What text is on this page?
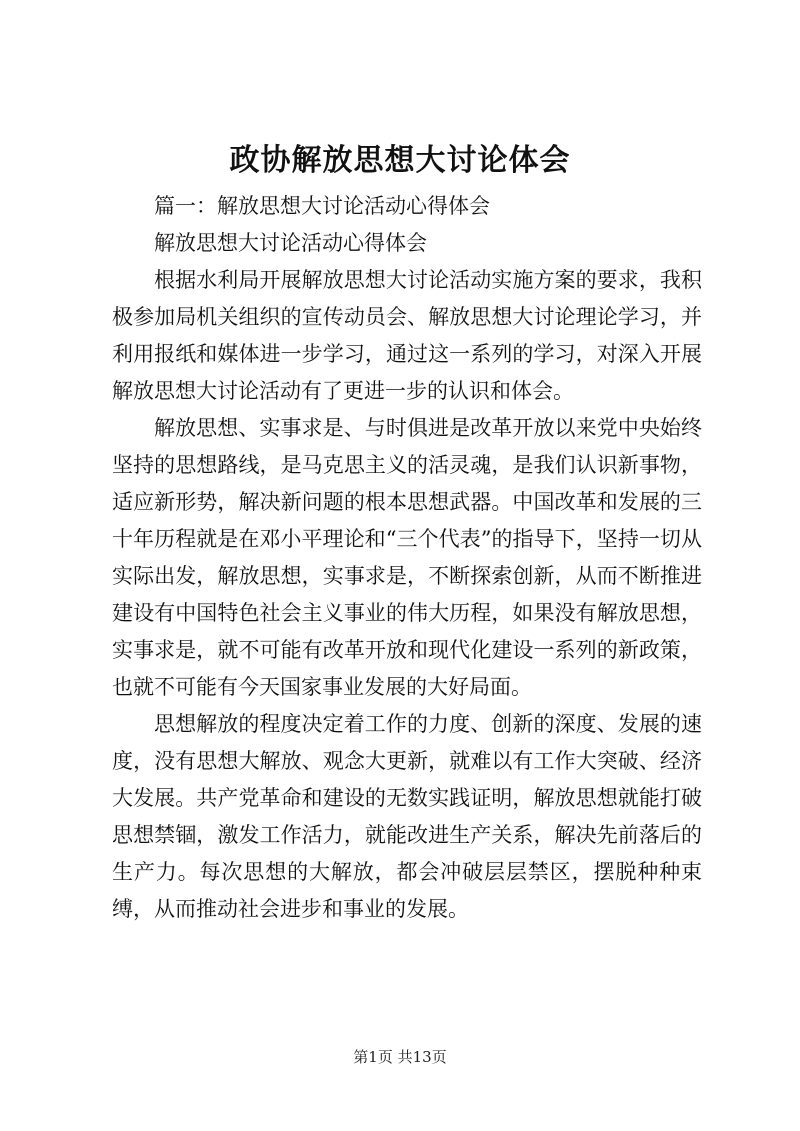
政协解放思想大讨论体会

篇一：解放思想大讨论活动心得体会

解放思想大讨论活动心得体会

根据水利局开展解放思想大讨论活动实施方案的要求，我积极参加局机关组织的宣传动员会、解放思想大讨论理论学习，并利用报纸和媒体进一步学习，通过这一系列的学习，对深入开展解放思想大讨论活动有了更进一步的认识和体会。

解放思想、实事求是、与时俱进是改革开放以来党中央始终坚持的思想路线，是马克思主义的活灵魂，是我们认识新事物，适应新形势，解决新问题的根本思想武器。中国改革和发展的三十年历程就是在邓小平理论和“三个代表”的指导下，坚持一切从实际出发，解放思想，实事求是，不断探索创新，从而不断推进建设有中国特色社会主义事业的伟大历程，如果没有解放思想，实事求是，就不可能有改革开放和现代化建设一系列的新政策，也就不可能有今天国家事业发展的大好局面。

思想解放的程度决定着工作的力度、创新的深度、发展的速度，没有思想大解放、观念大更新，就难以有工作大突破、经济大发展。共产党革命和建设的无数实践证明，解放思想就能打破思想禁锢，激发工作活力，就能改进生产关系，解决先前落后的生产力。每次思想的大解放，都会冲破层层禁区，摆脱种种束缚，从而推动社会进步和事业的发展。

第1页 共13页
